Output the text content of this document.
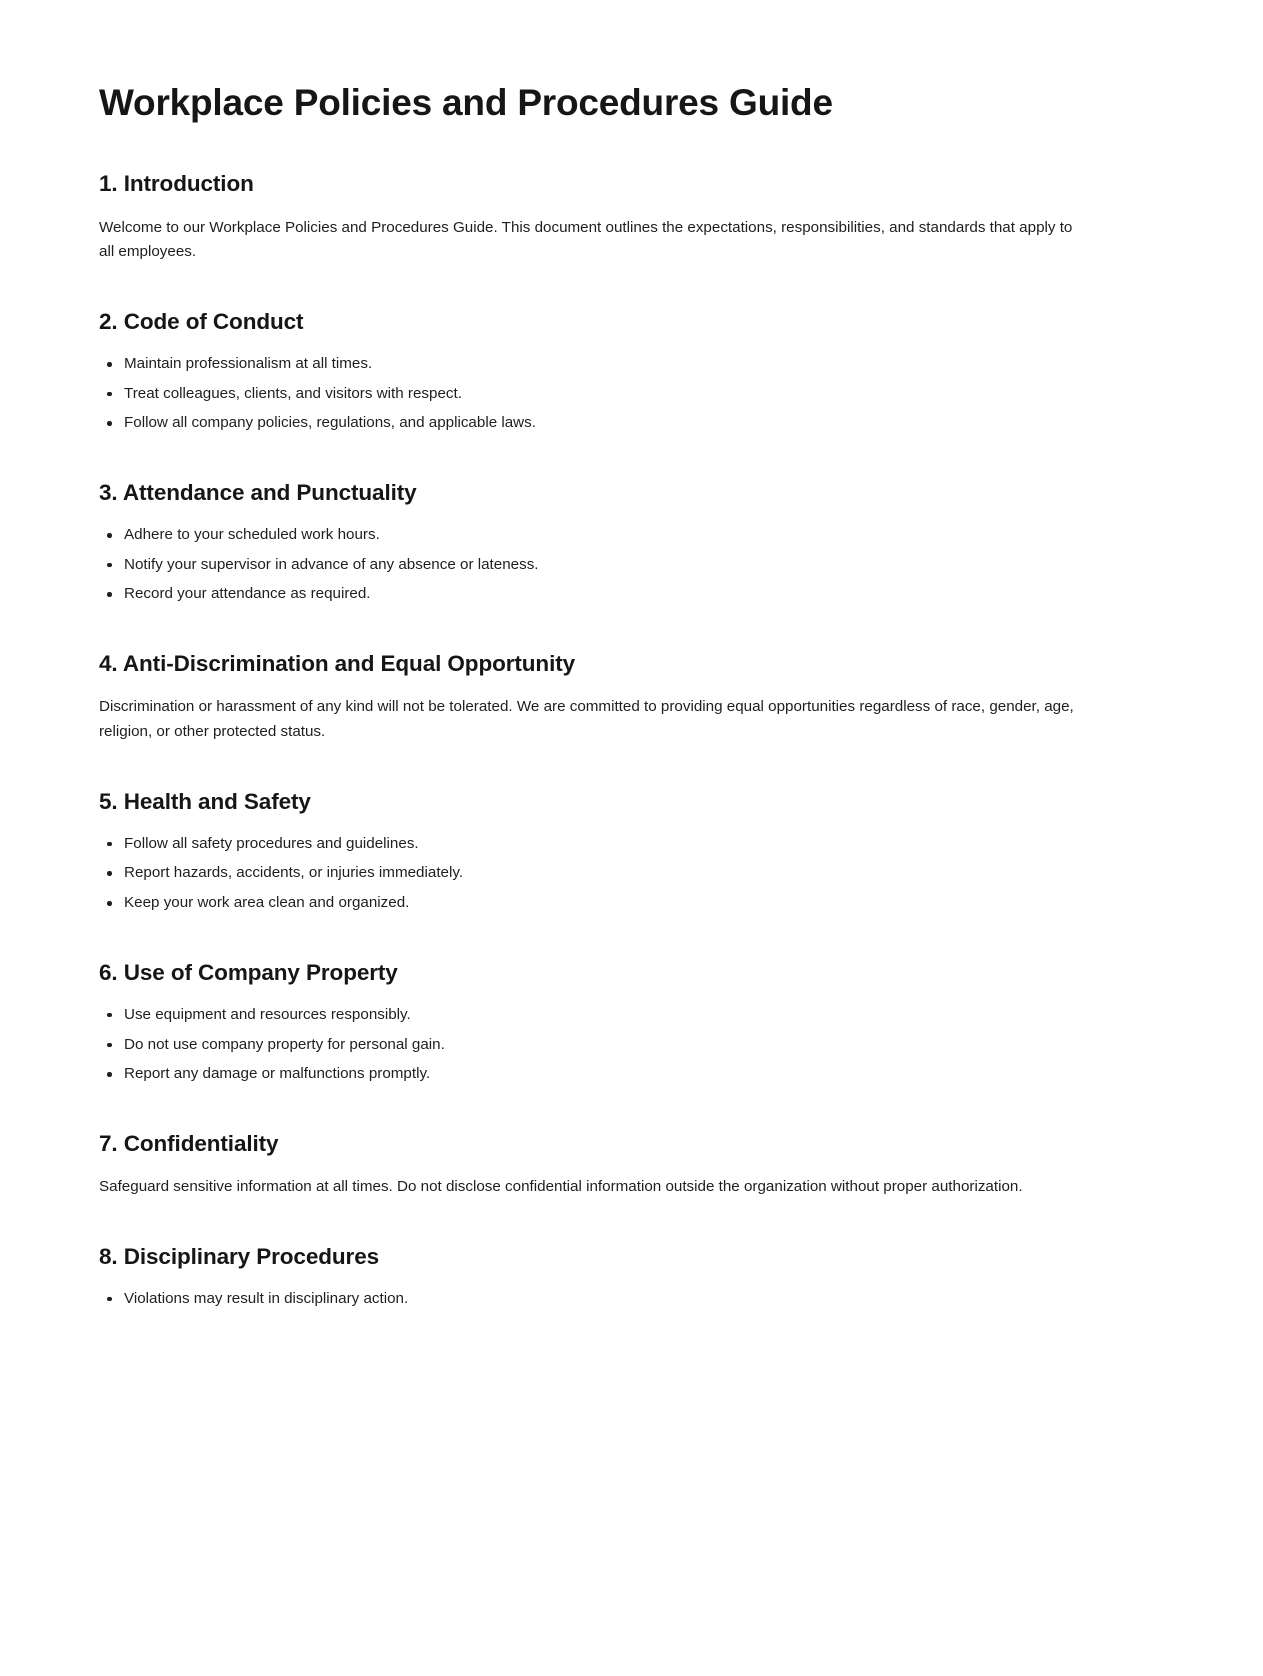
Workplace Policies and Procedures Guide
1. Introduction

Welcome to our Workplace Policies and Procedures Guide. This document outlines the expectations, responsibilities, and standards that apply to all employees.

2. Code of Conduct
Maintain professionalism at all times.
Treat colleagues, clients, and visitors with respect.
Follow all company policies, regulations, and applicable laws.
3. Attendance and Punctuality
Adhere to your scheduled work hours.
Notify your supervisor in advance of any absence or lateness.
Record your attendance as required.
4. Anti-Discrimination and Equal Opportunity

Discrimination or harassment of any kind will not be tolerated. We are committed to providing equal opportunities regardless of race, gender, age, religion, or other protected status.

5. Health and Safety
Follow all safety procedures and guidelines.
Report hazards, accidents, or injuries immediately.
Keep your work area clean and organized.
6. Use of Company Property
Use equipment and resources responsibly.
Do not use company property for personal gain.
Report any damage or malfunctions promptly.
7. Confidentiality

Safeguard sensitive information at all times. Do not disclose confidential information outside the organization without proper authorization.

8. Disciplinary Procedures
Violations may result in disciplinary action.
